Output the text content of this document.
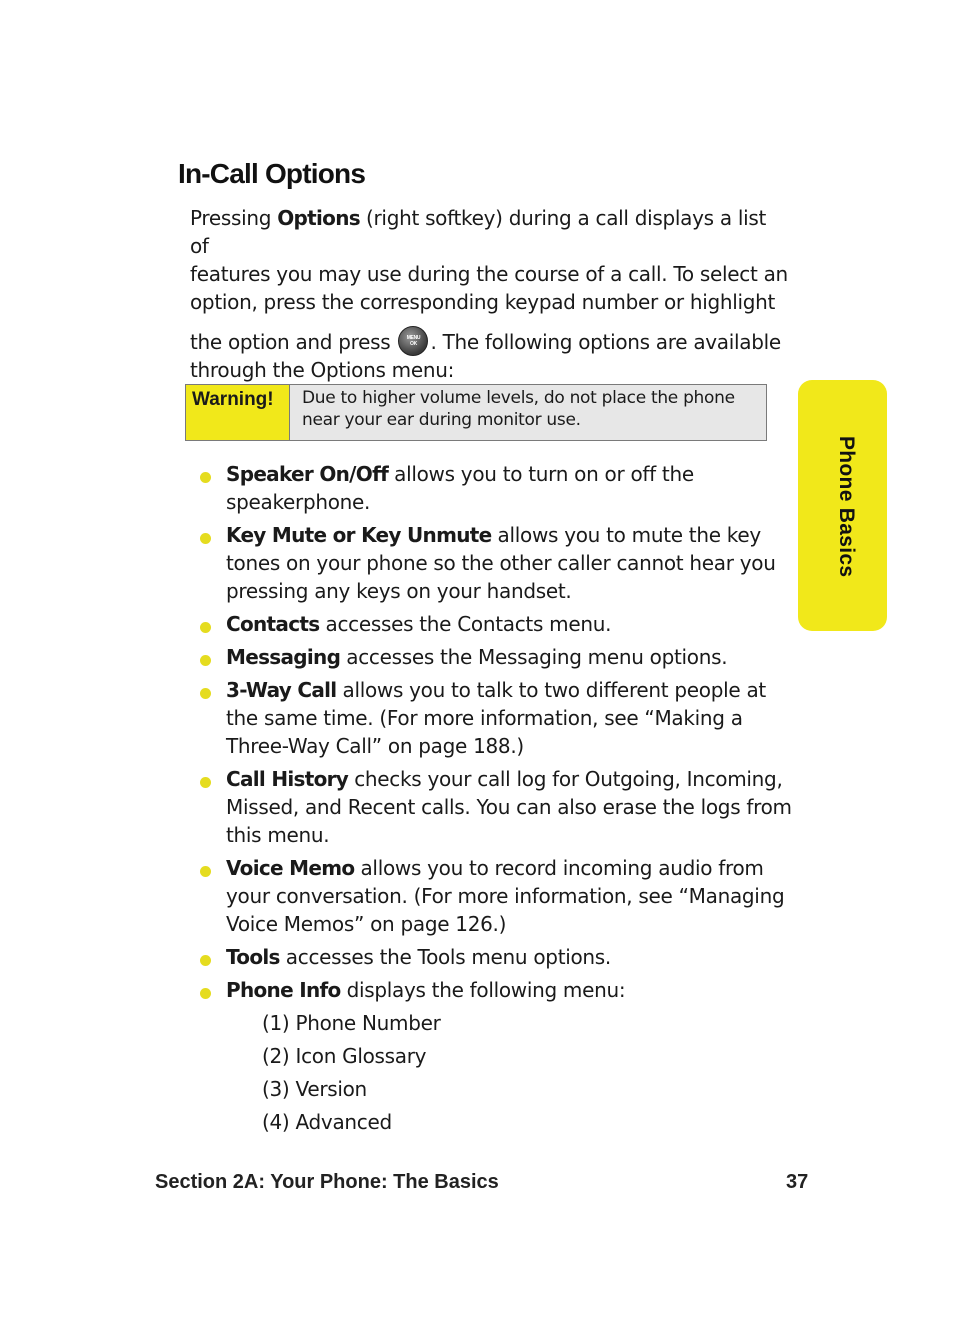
In-Call Options

Pressing Options (right softkey) during a call displays a list of
features you may use during the course of a call. To select an
option, press the corresponding keypad number or highlight
the option and press	MENU
OK . The following options are available
through the Options menu:

Warning!	Due to higher volume levels, do not place the phone
near your ear during monitor use.
Speaker On/Off allows you to turn on or off the speakerphone.
Key Mute or Key Unmute allows you to mute the key tones on your phone so the other caller cannot hear you pressing any keys on your handset.
Contacts accesses the Contacts menu.
Messaging accesses the Messaging menu options.
3-Way Call allows you to talk to two different people at the same time. (For more information, see “Making a Three-Way Call” on page 188.)
Call History checks your call log for Outgoing, Incoming, Missed, and Recent calls. You can also erase the logs from this menu.
Voice Memo allows you to record incoming audio from your conversation. (For more information, see “Managing Voice Memos” on page 126.)
Tools accesses the Tools menu options.
Phone Info displays the following menu:
(1) Phone Number
(2) Icon Glossary
(3) Version
(4) Advanced
Phone Basics
Section 2A: Your Phone: The Basics	37
